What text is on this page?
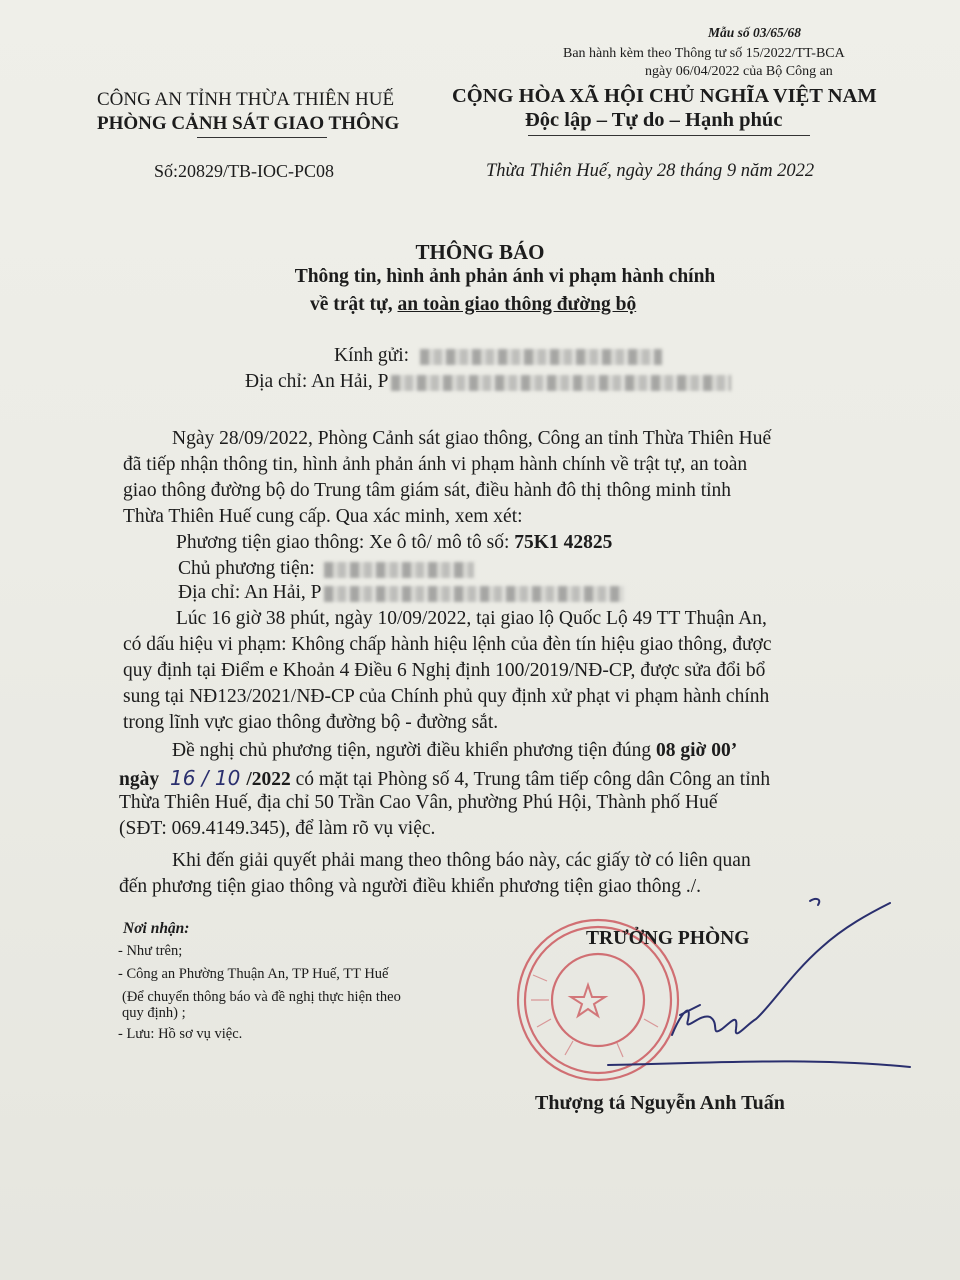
Mẫu số 03/65/68
Ban hành kèm theo Thông tư số 15/2022/TT-BCA
ngày 06/04/2022 của Bộ Công an
CÔNG AN TỈNH THỪA THIÊN HUẾ
PHÒNG CẢNH SÁT GIAO THÔNG
Số:20829/TB-IOC-PC08
CỘNG HÒA XÃ HỘI CHỦ NGHĨA VIỆT NAM
Độc lập – Tự do – Hạnh phúc
Thừa Thiên Huế, ngày 28 tháng 9 năm 2022
THÔNG BÁO
Thông tin, hình ảnh phản ánh vi phạm hành chính
về trật tự, an toàn giao thông đường bộ
Kính gửi:
Địa chỉ: An Hải, P
Ngày 28/09/2022, Phòng Cảnh sát giao thông, Công an tỉnh Thừa Thiên Huế
đã tiếp nhận thông tin, hình ảnh phản ánh vi phạm hành chính về trật tự, an toàn
giao thông đường bộ do Trung tâm giám sát, điều hành đô thị thông minh tỉnh
Thừa Thiên Huế cung cấp. Qua xác minh, xem xét:
Phương tiện giao thông: Xe ô tô/ mô tô số: 75K1 42825
Chủ phương tiện:
Địa chỉ: An Hải, P
Lúc 16 giờ 38 phút, ngày 10/09/2022, tại giao lộ Quốc Lộ 49 TT Thuận An,
có dấu hiệu vi phạm: Không chấp hành hiệu lệnh của đèn tín hiệu giao thông, được
quy định tại Điểm e Khoản 4 Điều 6 Nghị định 100/2019/NĐ-CP, được sửa đổi bổ
sung tại NĐ123/2021/NĐ-CP của Chính phủ quy định xử phạt vi phạm hành chính
trong lĩnh vực giao thông đường bộ - đường sắt.
Đề nghị chủ phương tiện, người điều khiển phương tiện đúng 08 giờ 00’
ngày 16 / 10 /2022 có mặt tại Phòng số 4, Trung tâm tiếp công dân Công an tỉnh
Thừa Thiên Huế, địa chỉ 50 Trần Cao Vân, phường Phú Hội, Thành phố Huế
(SĐT: 069.4149.345), để làm rõ vụ việc.
Khi đến giải quyết phải mang theo thông báo này, các giấy tờ có liên quan
đến phương tiện giao thông và người điều khiển phương tiện giao thông ./.
Nơi nhận:
- Như trên;
- Công an Phường Thuận An, TP Huế, TT Huế
(Để chuyển thông báo và đề nghị thực hiện theo
quy định) ;
- Lưu: Hồ sơ vụ việc.
TRƯỞNG PHÒNG
Thượng tá Nguyễn Anh Tuấn
